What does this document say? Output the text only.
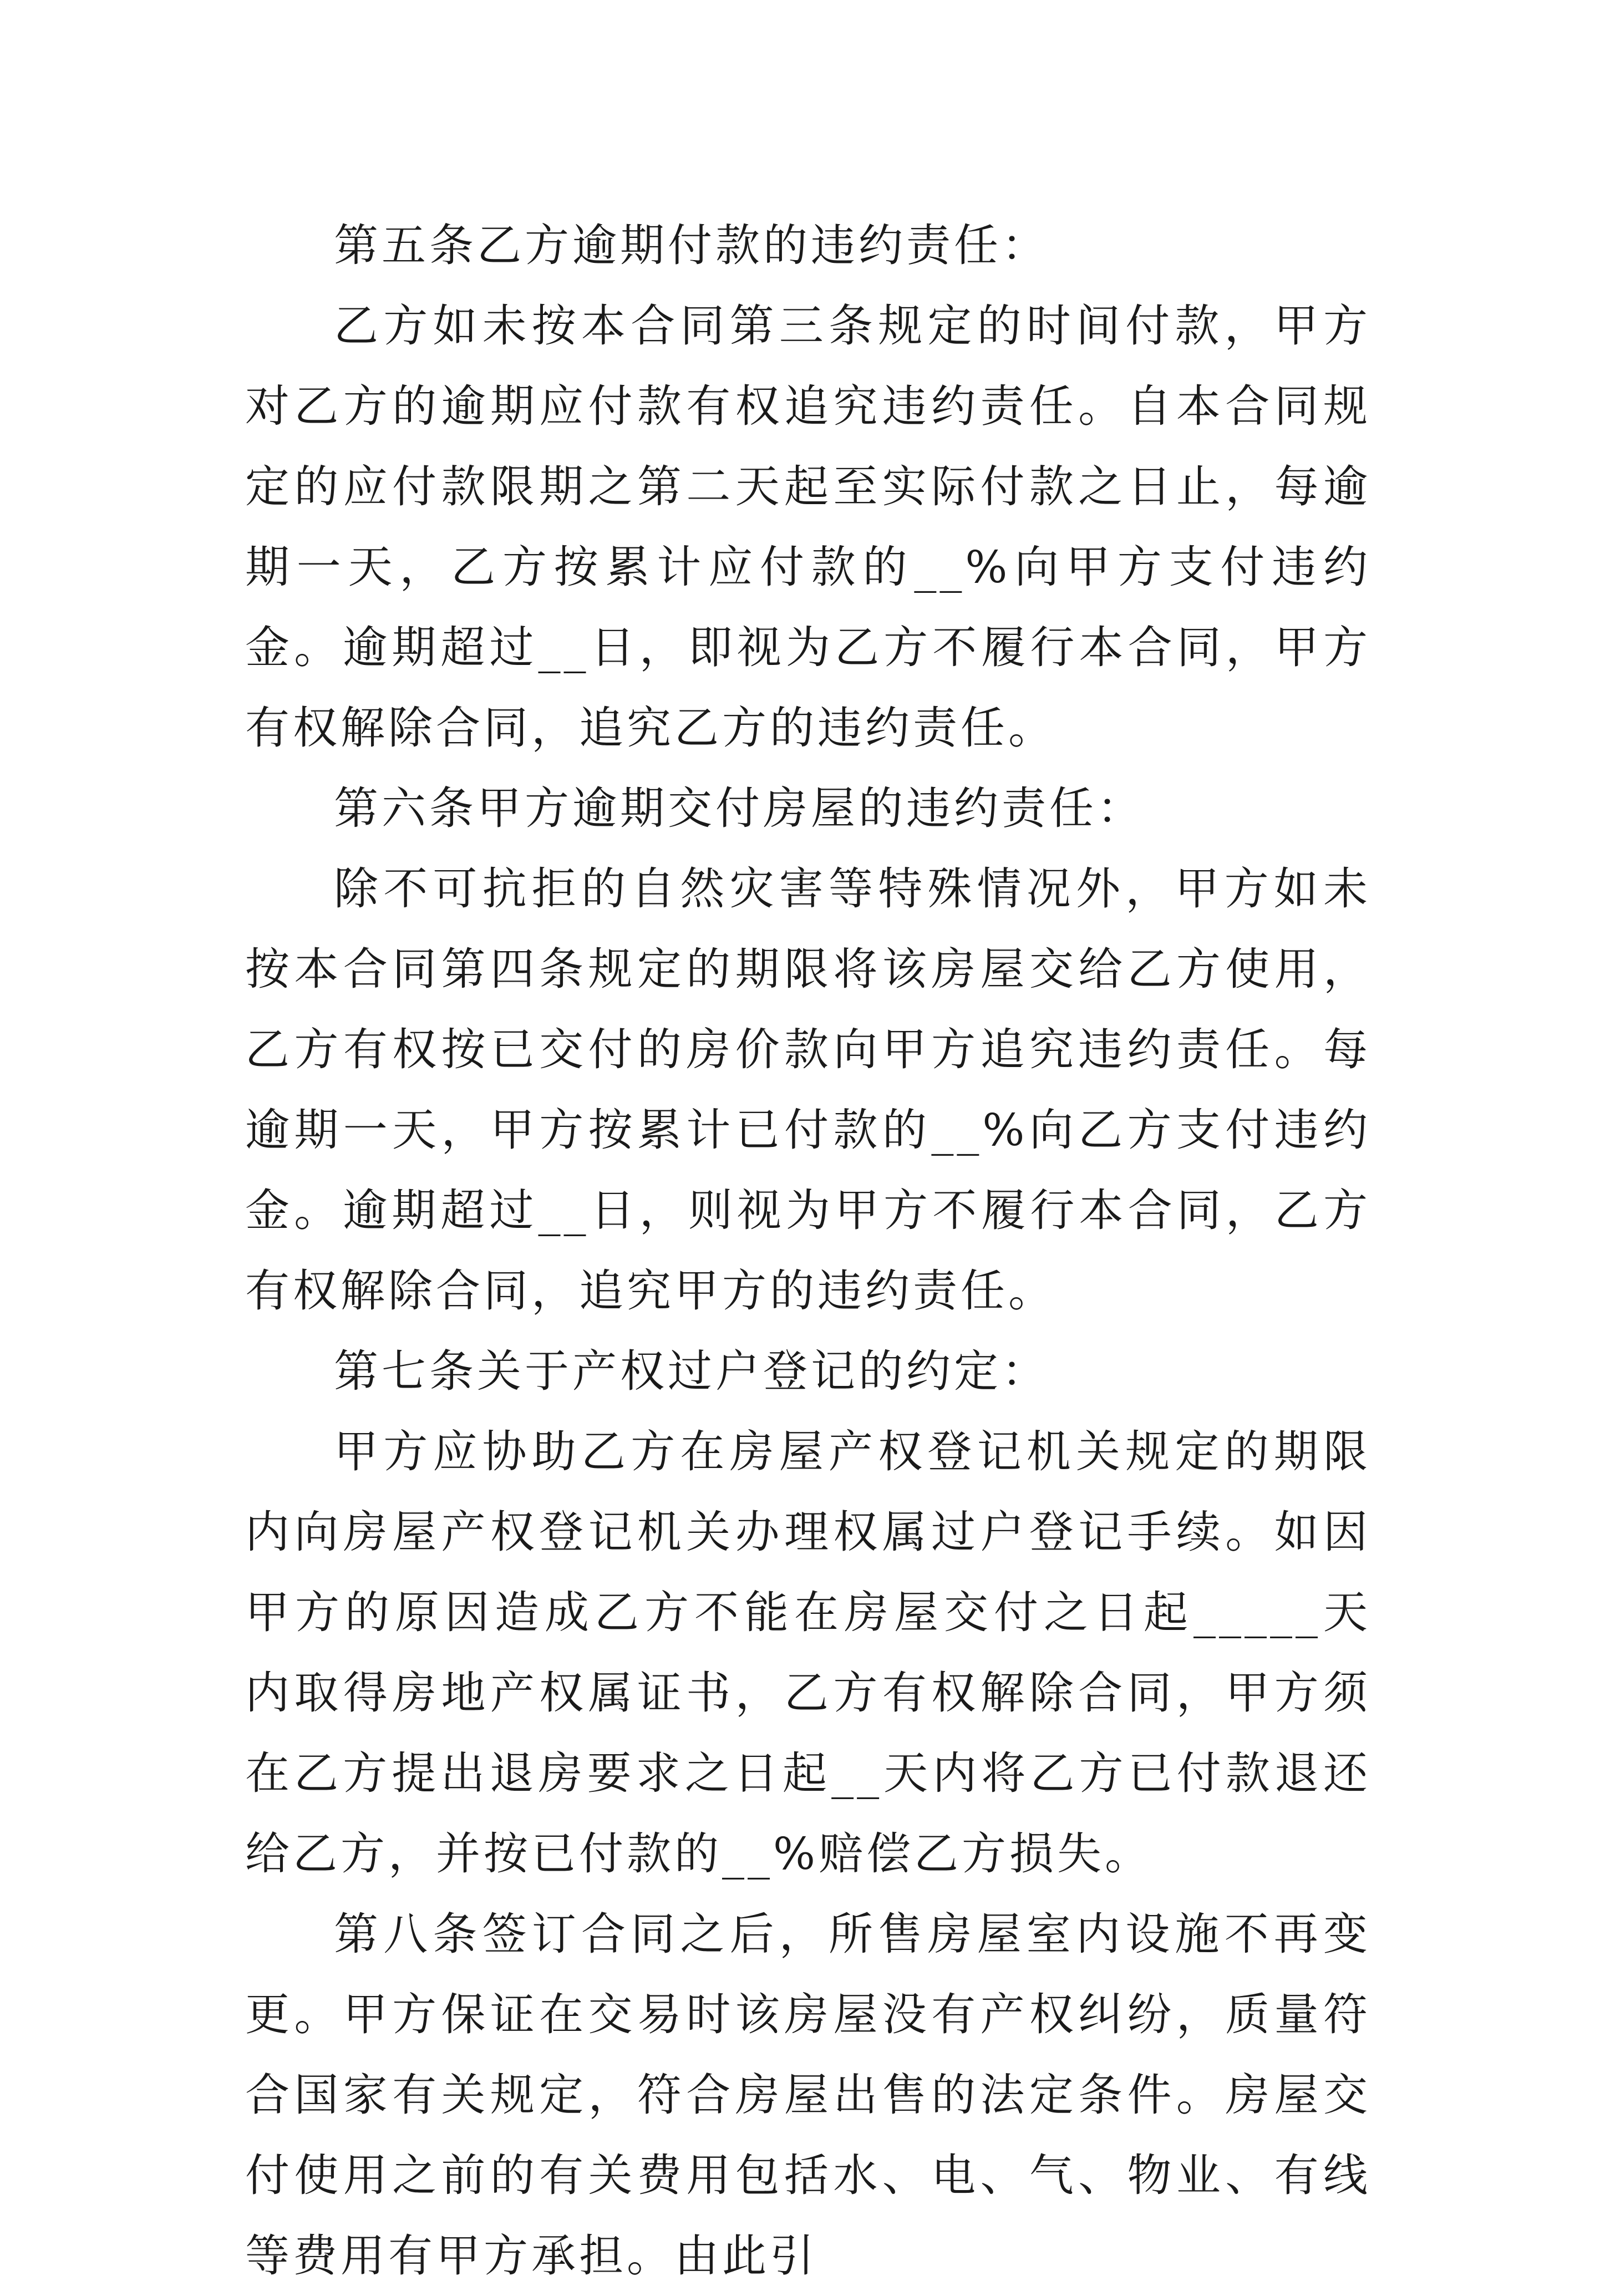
第五条乙方逾期付款的违约责任：

乙方如未按本合同第三条规定的时间付款，甲方对乙方的逾期应付款有权追究违约责任。自本合同规定的应付款限期之第二天起至实际付款之日止，每逾期一天，乙方按累计应付款的__%向甲方支付违约金。逾期超过__日，即视为乙方不履行本合同，甲方有权解除合同，追究乙方的违约责任。

第六条甲方逾期交付房屋的违约责任：

除不可抗拒的自然灾害等特殊情况外，甲方如未按本合同第四条规定的期限将该房屋交给乙方使用，乙方有权按已交付的房价款向甲方追究违约责任。每逾期一天，甲方按累计已付款的__%向乙方支付违约金。逾期超过__日，则视为甲方不履行本合同，乙方有权解除合同，追究甲方的违约责任。

第七条关于产权过户登记的约定：

甲方应协助乙方在房屋产权登记机关规定的期限内向房屋产权登记机关办理权属过户登记手续。如因甲方的原因造成乙方不能在房屋交付之日起_____天内取得房地产权属证书，乙方有权解除合同，甲方须在乙方提出退房要求之日起__天内将乙方已付款退还给乙方，并按已付款的__%赔偿乙方损失。

第八条签订合同之后，所售房屋室内设施不再变更。甲方保证在交易时该房屋没有产权纠纷，质量符合国家有关规定，符合房屋出售的法定条件。房屋交付使用之前的有关费用包括水、电、气、物业、有线等费用有甲方承担。由此引
